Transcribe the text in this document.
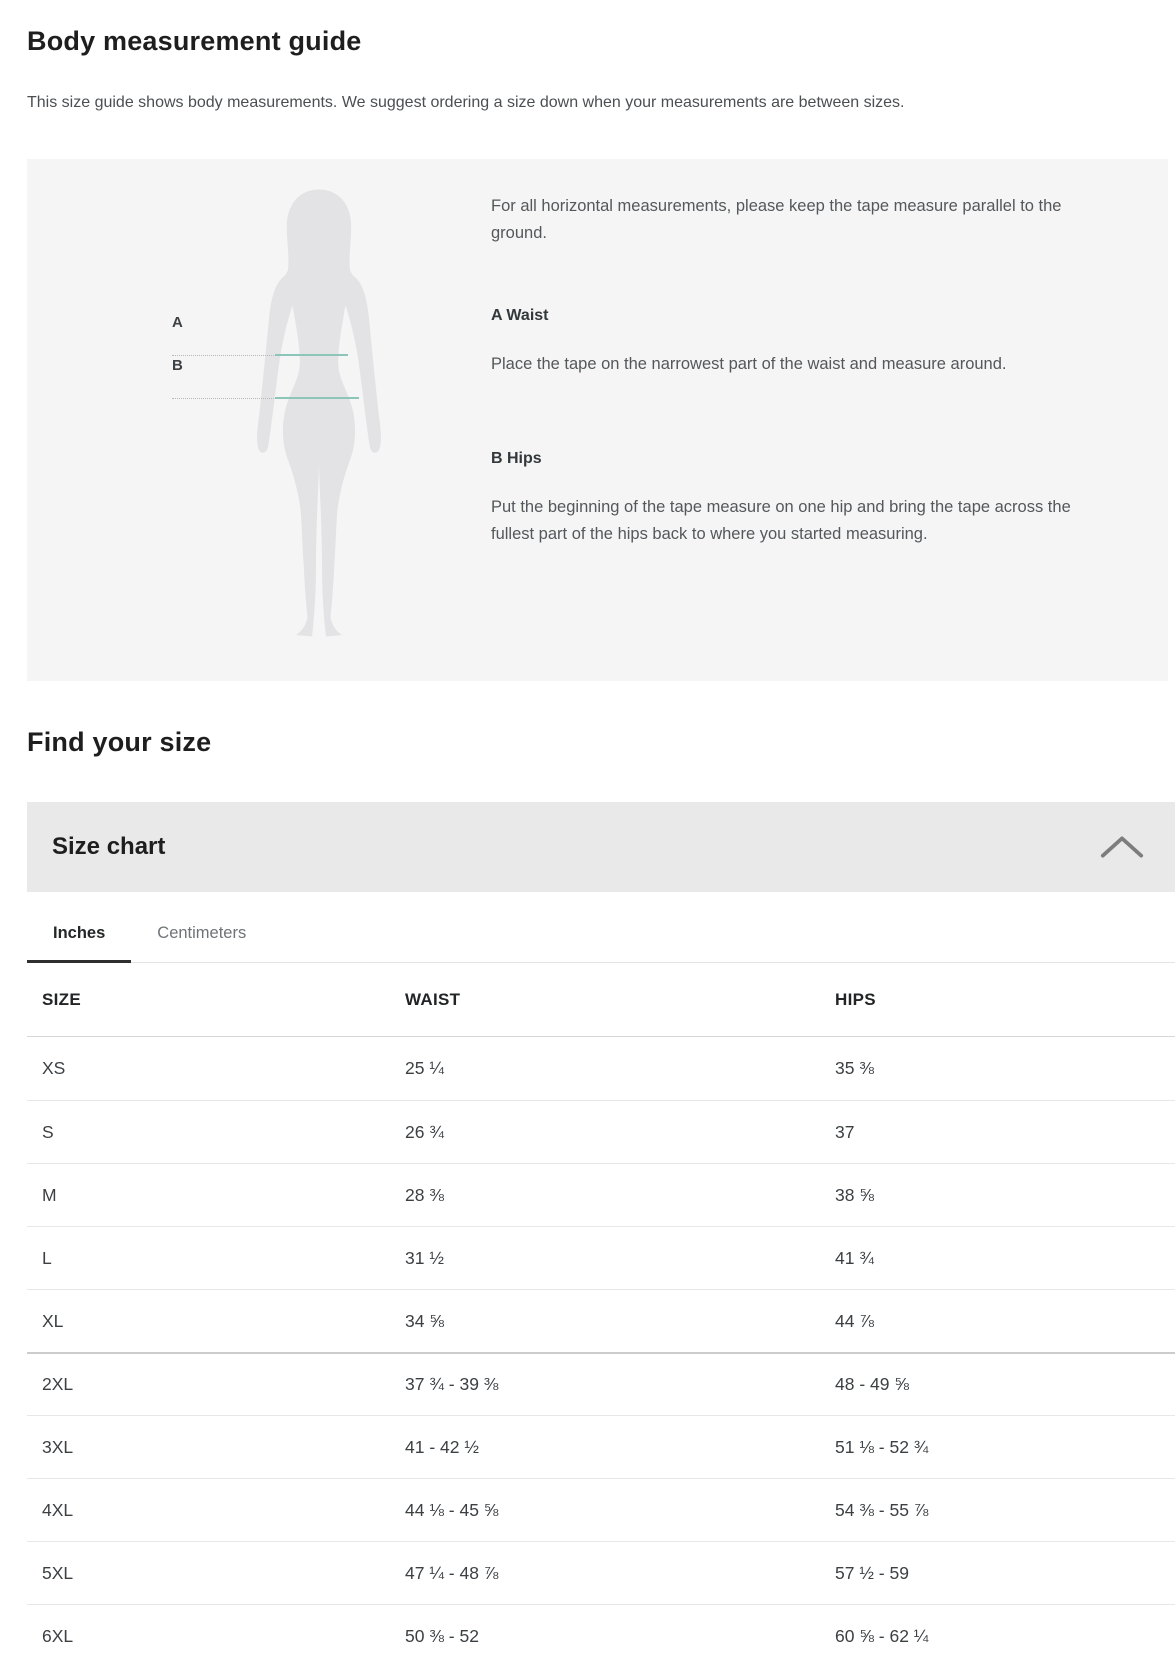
Body measurement guide

This size guide shows body measurements. We suggest ordering a size down when your measurements are between sizes.

A
B

For all horizontal measurements, please keep the tape measure parallel to the ground.

A Waist

Place the tape on the narrowest part of the waist and measure around.

B Hips

Put the beginning of the tape measure on one hip and bring the tape across the fullest part of the hips back to where you started measuring.

Find your size
Size chart
Inches	Centimeters
SIZE	WAIST	HIPS
XS	25 ¼	35 ⅜
S	26 ¾	37
M	28 ⅜	38 ⅝
L	31 ½	41 ¾
XL	34 ⅝	44 ⅞
2XL	37 ¾ - 39 ⅜	48 - 49 ⅝
3XL	41 - 42 ½	51 ⅛ - 52 ¾
4XL	44 ⅛ - 45 ⅝	54 ⅜ - 55 ⅞
5XL	47 ¼ - 48 ⅞	57 ½ - 59
6XL	50 ⅜ - 52	60 ⅝ - 62 ¼
